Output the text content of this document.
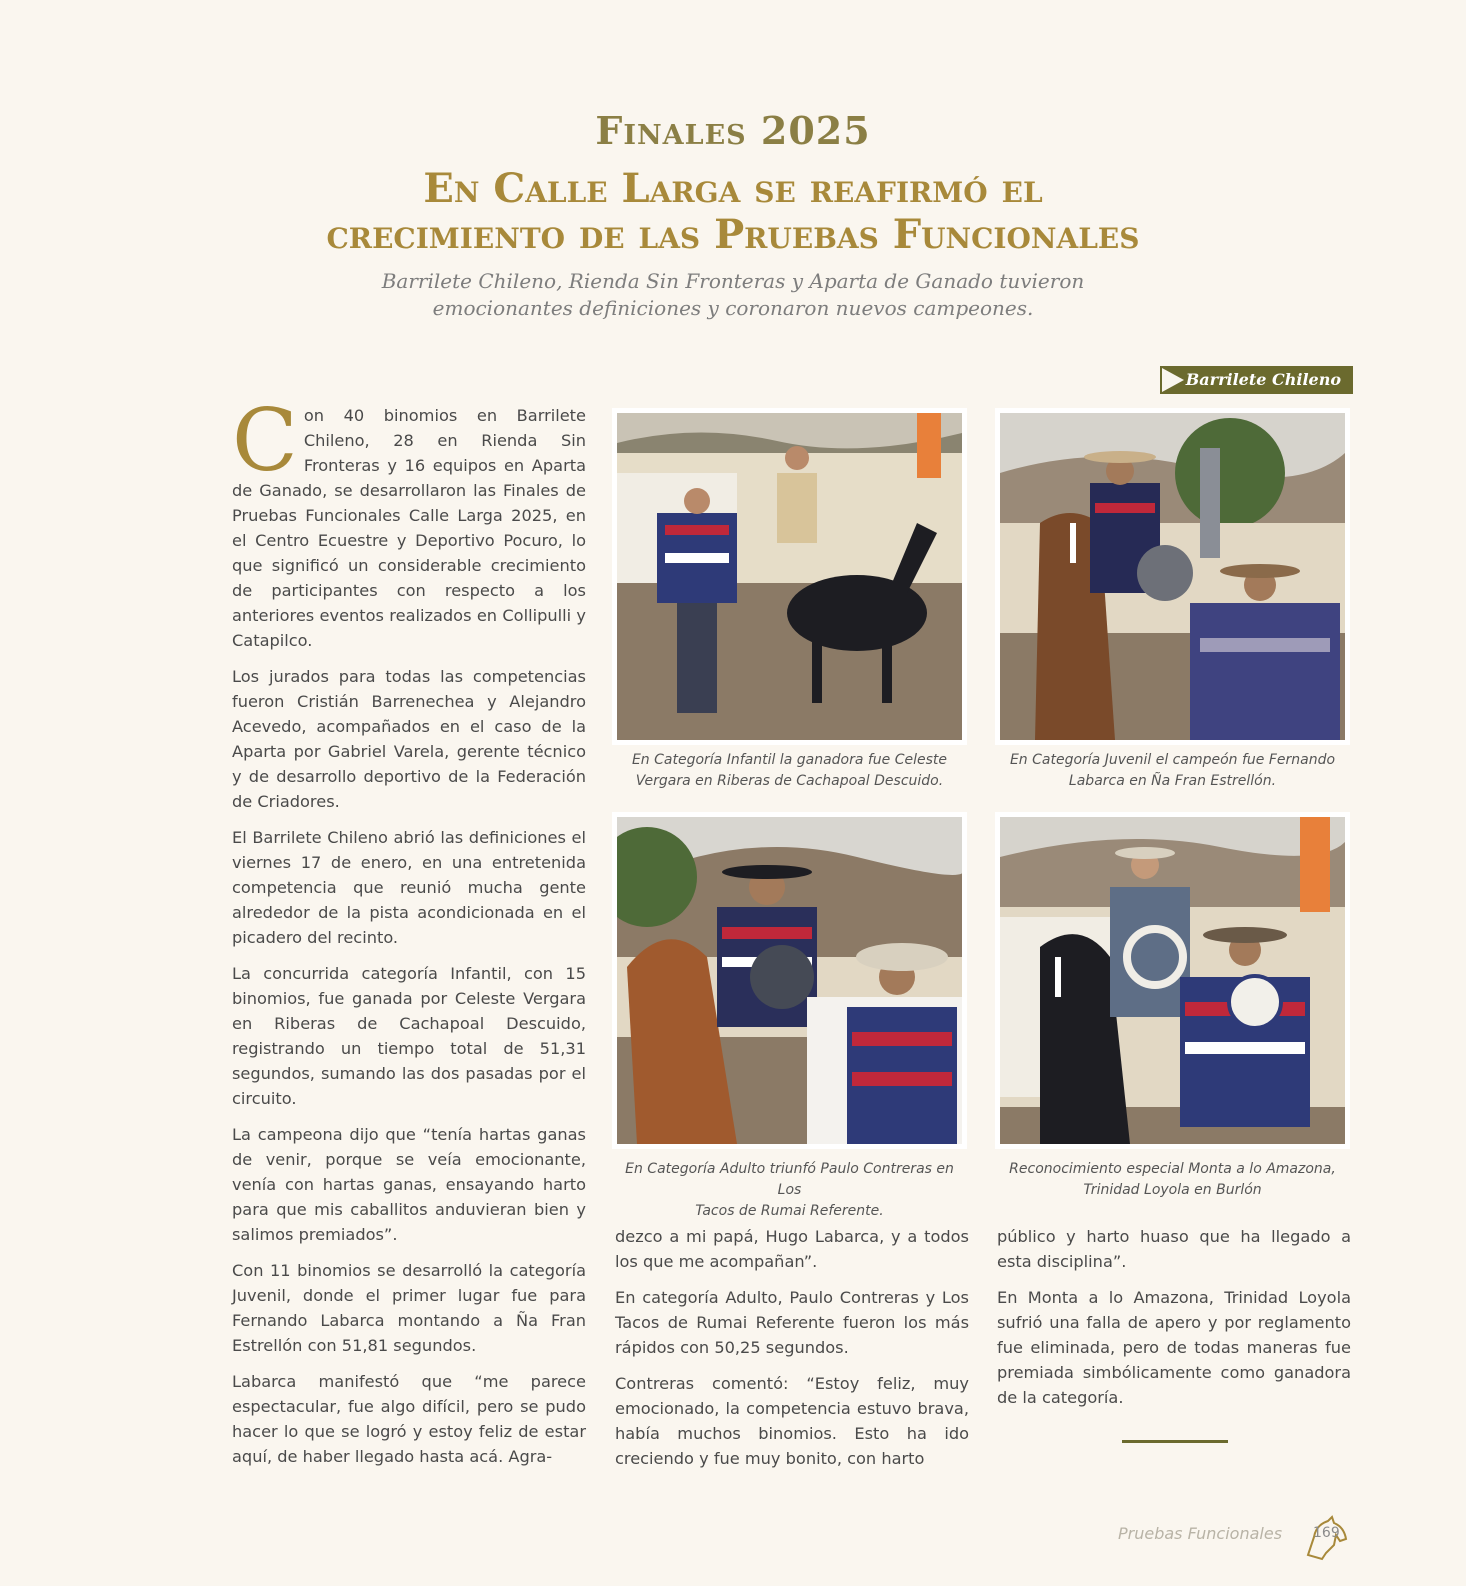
Finales 2025
En Calle Larga se reafirmó el
crecimiento de las Pruebas Funcionales
Barrilete Chileno, Rienda Sin Fronteras y Aparta de Ganado tuvieron
emocionantes definiciones y coronaron nuevos campeones.
Barrilete Chileno

Con 40 binomios en Barrilete Chileno, 28 en Rienda Sin Fronteras y 16 equipos en Aparta de Ganado, se desarrollaron las Finales de Pruebas Funcionales Calle Larga 2025, en el Centro Ecuestre y Deportivo Pocuro, lo que significó un considerable crecimiento de participantes con respecto a los anteriores eventos realizados en Collipulli y Catapilco.

Los jurados para todas las competencias fueron Cristián Barrenechea y Alejandro Acevedo, acompañados en el caso de la Aparta por Gabriel Varela, gerente técnico y de desarrollo deportivo de la Federación de Criadores.

El Barrilete Chileno abrió las definiciones el viernes 17 de enero, en una entretenida competencia que reunió mucha gente alrededor de la pista acondicionada en el picadero del recinto.

La concurrida categoría Infantil, con 15 binomios, fue ganada por Celeste Vergara en Riberas de Cachapoal Descuido, registrando un tiempo total de 51,31 segundos, sumando las dos pasadas por el circuito.

La campeona dijo que “tenía hartas ganas de venir, porque se veía emocionante, venía con hartas ganas, ensayando harto para que mis caballitos anduvieran bien y salimos premiados”.

Con 11 binomios se desarrolló la categoría Juvenil, donde el primer lugar fue para Fernando Labarca montando a Ña Fran Estrellón con 51,81 segundos.

Labarca manifestó que “me parece espectacular, fue algo difícil, pero se pudo hacer lo que se logró y estoy feliz de estar aquí, de haber llegado hasta acá. Agra-

dezco a mi papá, Hugo Labarca, y a todos los que me acompañan”.

En categoría Adulto, Paulo Contreras y Los Tacos de Rumai Referente fueron los más rápidos con 50,25 segundos.

Contreras comentó: “Estoy feliz, muy emocionado, la competencia estuvo brava, había muchos binomios. Esto ha ido creciendo y fue muy bonito, con harto

público y harto huaso que ha llegado a esta disciplina”.

En Monta a lo Amazona, Trinidad Loyola sufrió una falla de apero y por reglamento fue eliminada, pero de todas maneras fue premiada simbólicamente como ganadora de la categoría.

En Categoría Infantil la ganadora fue Celeste
Vergara en Riberas de Cachapoal Descuido.
En Categoría Juvenil el campeón fue Fernando
Labarca en Ña Fran Estrellón.
En Categoría Adulto triunfó Paulo Contreras en Los
Tacos de Rumai Referente.
Reconocimiento especial Monta a lo Amazona,
Trinidad Loyola en Burlón
Pruebas Funcionales 169
